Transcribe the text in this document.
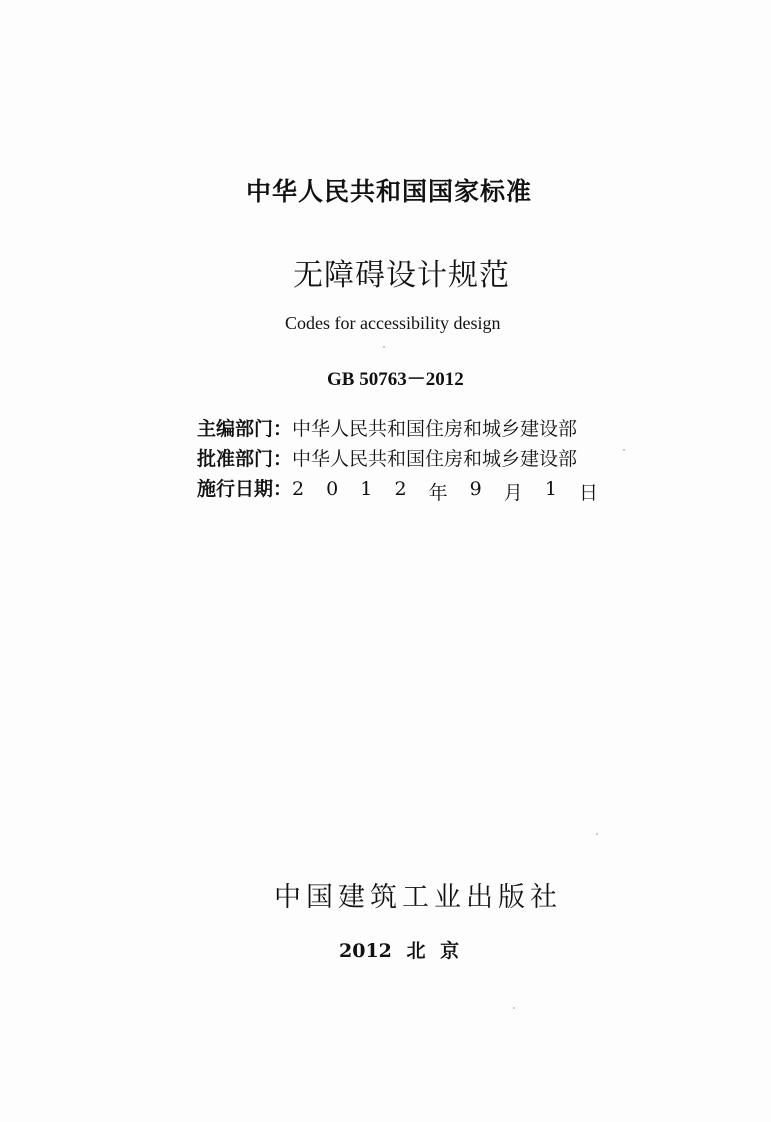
中华人民共和国国家标准
无障碍设计规范
Codes for accessibility design
GB 50763－2012
主编部门：中华人民共和国住房和城乡建设部
批准部门：中华人民共和国住房和城乡建设部
施行日期： 2 0 1 2 年 9 月 1 日
中国建筑工业出版社
2012 北 京
